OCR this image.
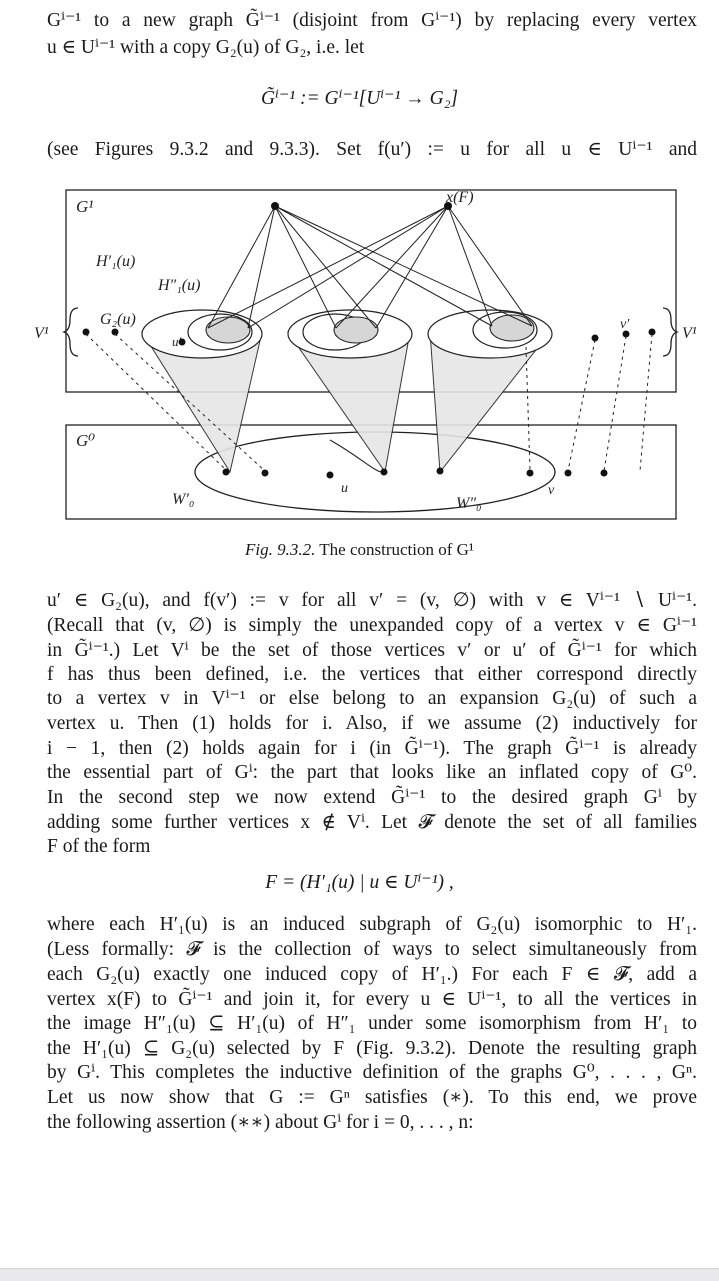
Gⁱ⁻¹ to a new graph G̃ⁱ⁻¹ (disjoint from Gⁱ⁻¹) by replacing every vertex
u ∈ Uⁱ⁻¹ with a copy G₂(u) of G₂, i.e. let
G̃ⁱ⁻¹ := Gⁱ⁻¹[Uⁱ⁻¹ → G₂]
(see Figures 9.3.2 and 9.3.3). Set f(u′) := u for all u ∈ Uⁱ⁻¹ and
G¹
G⁰
x(F)
H′₁(u)
H″₁(u)
G₂(u)
u′
v′
V¹	V¹
u	v
W′₀	W″₀
Fig. 9.3.2. The construction of G¹
u′ ∈ G₂(u), and f(v′) := v for all v′ = (v, ∅) with v ∈ Vⁱ⁻¹ ∖ Uⁱ⁻¹.
(Recall that (v, ∅) is simply the unexpanded copy of a vertex v ∈ Gⁱ⁻¹
in G̃ⁱ⁻¹.) Let Vⁱ be the set of those vertices v′ or u′ of G̃ⁱ⁻¹ for which
f has thus been defined, i.e. the vertices that either correspond directly
to a vertex v in Vⁱ⁻¹ or else belong to an expansion G₂(u) of such a
vertex u. Then (1) holds for i. Also, if we assume (2) inductively for
i − 1, then (2) holds again for i (in G̃ⁱ⁻¹). The graph G̃ⁱ⁻¹ is already
the essential part of Gⁱ: the part that looks like an inflated copy of G⁰.
In the second step we now extend G̃ⁱ⁻¹ to the desired graph Gⁱ by
adding some further vertices x ∉ Vⁱ. Let 𝓕 denote the set of all families
F of the form
F = (H′₁(u) | u ∈ Uⁱ⁻¹) ,
where each H′₁(u) is an induced subgraph of G₂(u) isomorphic to H′₁.
(Less formally: 𝓕 is the collection of ways to select simultaneously from
each G₂(u) exactly one induced copy of H′₁.) For each F ∈ 𝓕, add a
vertex x(F) to G̃ⁱ⁻¹ and join it, for every u ∈ Uⁱ⁻¹, to all the vertices in
the image H″₁(u) ⊆ H′₁(u) of H″₁ under some isomorphism from H′₁ to
the H′₁(u) ⊆ G₂(u) selected by F (Fig. 9.3.2). Denote the resulting graph
by Gⁱ. This completes the inductive definition of the graphs G⁰, . . . , Gⁿ.
Let us now show that G := Gⁿ satisfies (∗). To this end, we prove
the following assertion (∗∗) about Gⁱ for i = 0, . . . , n:
